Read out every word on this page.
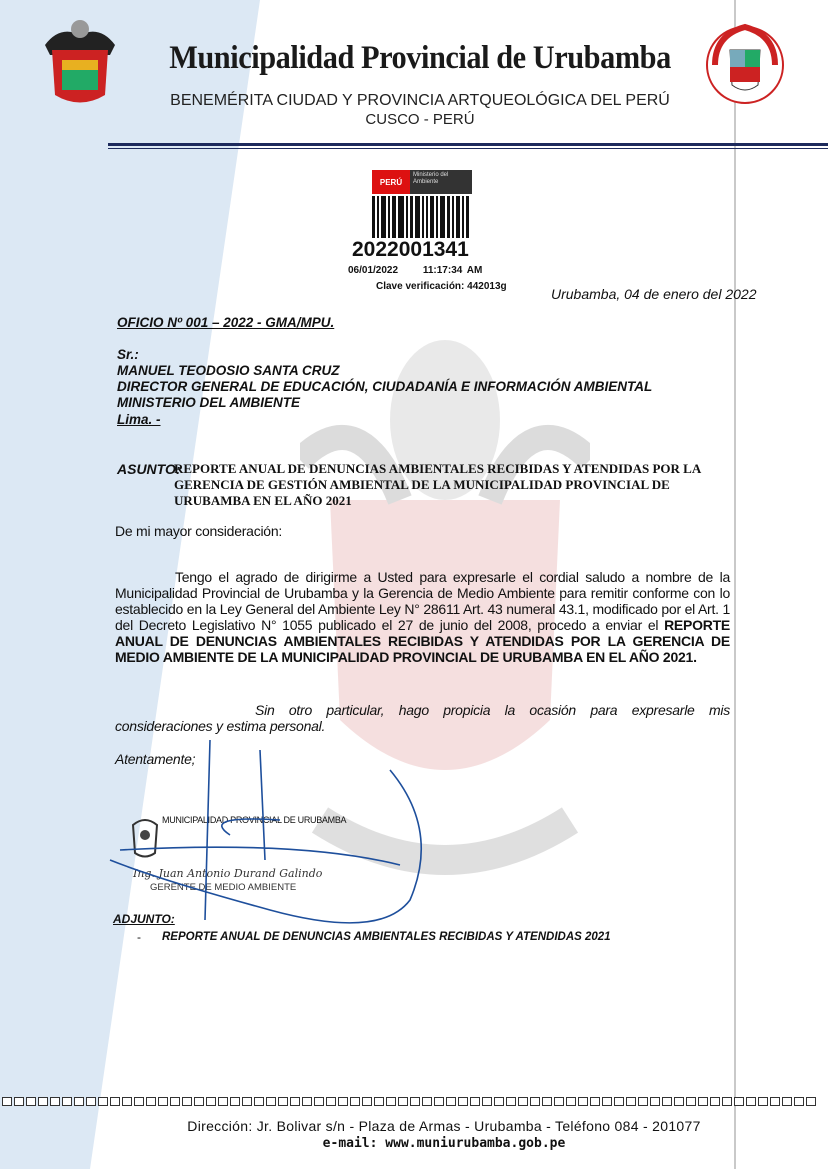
Municipalidad Provincial de Urubamba
BENEMÉRITA CIUDAD Y PROVINCIA ARTQUEOLÓGICA DEL PERÚ
CUSCO - PERÚ
PERÚ
Ministerio del Ambiente
2022001341
06/01/2022 11:17:34 AM
Clave verificación: 442013g	Urubamba, 04 de enero del 2022
OFICIO Nº 001 – 2022 - GMA/MPU.
Sr.:
MANUEL TEODOSIO SANTA CRUZ
DIRECTOR GENERAL DE EDUCACIÓN, CIUDADANÍA E INFORMACIÓN AMBIENTAL
MINISTERIO DEL AMBIENTE
Lima. -
ASUNTO:
REPORTE ANUAL DE DENUNCIAS AMBIENTALES RECIBIDAS Y ATENDIDAS POR LA GERENCIA DE GESTIÓN AMBIENTAL DE LA MUNICIPALIDAD PROVINCIAL DE URUBAMBA EN EL AÑO 2021

De mi mayor consideración:

Tengo el agrado de dirigirme a Usted para expresarle el cordial saludo a nombre de la Municipalidad Provincial de Urubamba y la Gerencia de Medio Ambiente para remitir conforme con lo establecido en la Ley General del Ambiente Ley N° 28611 Art. 43 numeral 43.1, modificado por el Art. 1 del Decreto Legislativo N° 1055 publicado el 27 de junio del 2008, procedo a enviar el REPORTE ANUAL DE DENUNCIAS AMBIENTALES RECIBIDAS Y ATENDIDAS POR LA GERENCIA DE MEDIO AMBIENTE DE LA MUNICIPALIDAD PROVINCIAL DE URUBAMBA EN EL AÑO 2021.

Sin otro particular, hago propicia la ocasión para expresarle mis consideraciones y estima personal.

Atentamente;

MUNICIPALIDAD PROVINCIAL DE URUBAMBA
Ing. Juan Antonio Durand Galindo
GERENTE DE MEDIO AMBIENTE
ADJUNTO:
- REPORTE ANUAL DE DENUNCIAS AMBIENTALES RECIBIDAS Y ATENDIDAS 2021
Dirección: Jr. Bolivar s/n - Plaza de Armas - Urubamba - Teléfono 084 - 201077
e-mail: www.muniurubamba.gob.pe
